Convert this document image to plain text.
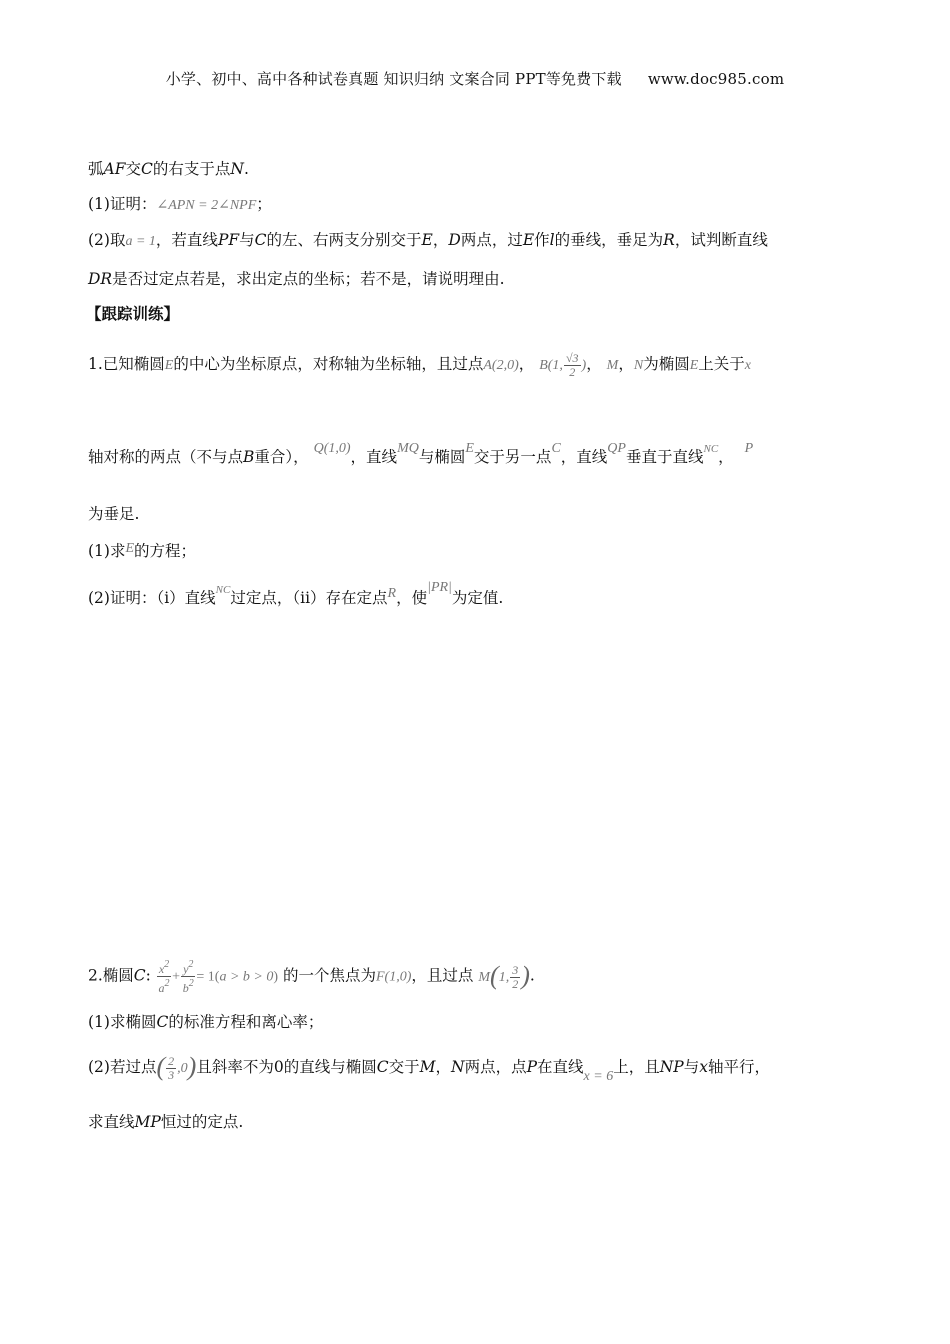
小学、初中、高中各种试卷真题 知识归纳 文案合同 PPT等免费下载 www.doc985.com
弧AF交C的右支于点N.
(1)证明：∠APN = 2∠NPF；
(2)取a = 1，若直线PF与C的左、右两支分别交于E，D两点，过E作l的垂线，垂足为R，试判断直线
DR是否过定点若是，求出定点的坐标；若不是，请说明理由.
【跟踪训练】
1.已知椭圆E的中心为坐标原点，对称轴为坐标轴，且过点A(2,0)， B(1, $\frac{√3}{2}$ )， M，N为椭圆E上关于x
轴对称的两点（不与点B重合）， Q(1,0)，直线MQ与椭圆E交于另一点C，直线QP垂直于直线$^{NC}$， P
为垂足.
(1)求E的方程；
(2)证明：（i）直线$^{NC}$过定点，（ii）存在定点R，使|PR|为定值.
2.椭圆C: $\frac{x^2}{a^2} + \frac{y^2}{b^2} = 1(a > b > 0)$ 的一个焦点为F(1,0)，且过点 M(1, $\frac{3}{2}$ ).
(1)求椭圆C的标准方程和离心率；
(2)若过点( $\frac{2}{3} ,0$)且斜率不为0的直线与椭圆C交于M，N两点，点P在直线x = 6上，且NP与x轴平行，
求直线MP恒过的定点.
